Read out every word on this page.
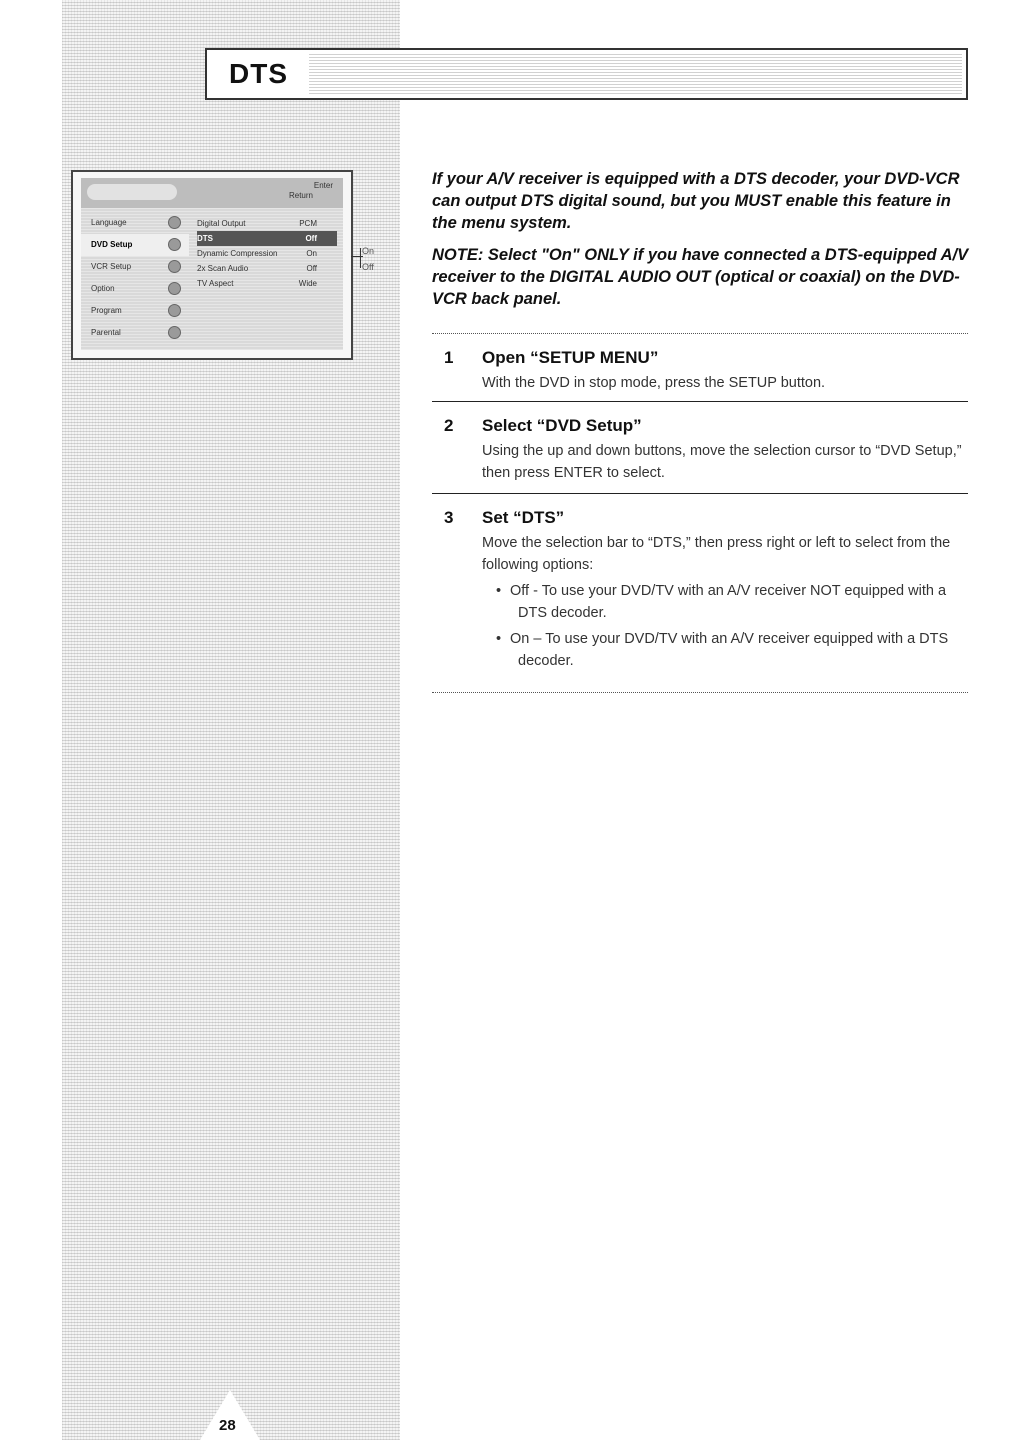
DTS
Return
Enter
Language
DVD Setup
VCR Setup
Option
Program
Parental
Digital Output	PCM
DTS	Off
Dynamic Compression	On
2x Scan Audio	Off
TV Aspect	Wide
On
Off

If your A/V receiver is equipped with a DTS decoder, your DVD-VCR can output DTS digital sound, but you MUST enable this feature in the menu system.

NOTE: Select "On" ONLY if you have connected a DTS-equipped A/V receiver to the DIGITAL AUDIO OUT (optical or coaxial) on the DVD-VCR back panel.

1 Open “SETUP MENU”
With the DVD in stop mode, press the SETUP button.
2 Select “DVD Setup”
Using the up and down buttons, move the selection cursor to “DVD Setup,” then press ENTER to select.
3 Set “DTS”
Move the selection bar to “DTS,” then press right or left to select from the following options:
• Off - To use your DVD/TV with an A/V receiver NOT equipped with a DTS decoder.
• On – To use your DVD/TV with an A/V receiver equipped with a DTS decoder.
28
